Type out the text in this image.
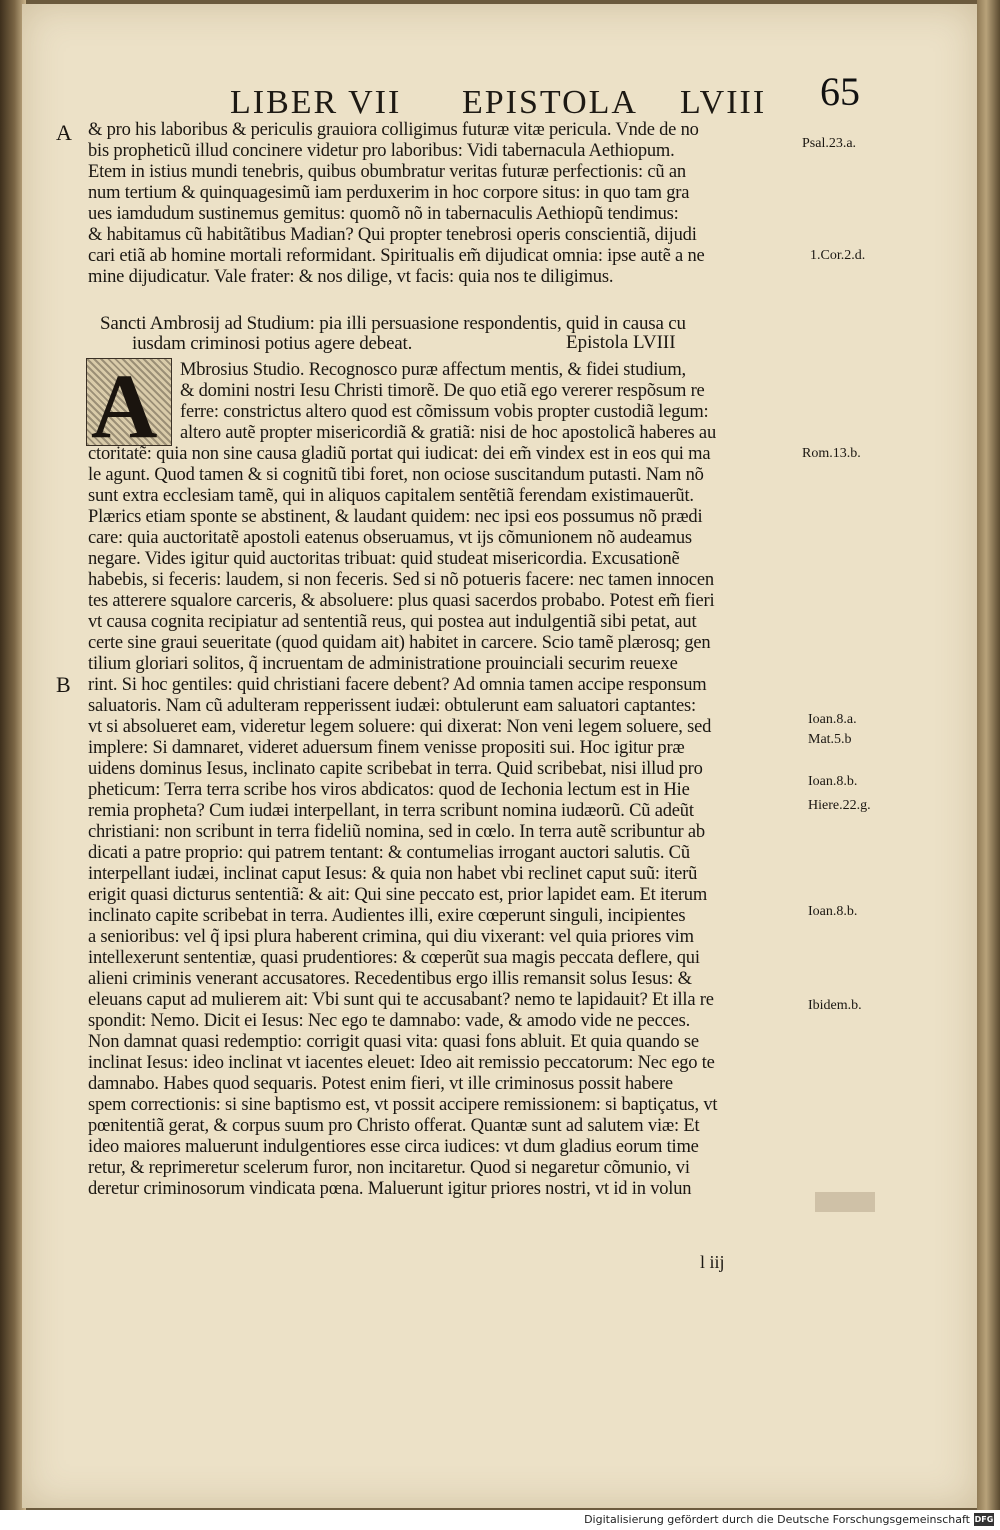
LIBER VII EPISTOLA LVIII 65
A
B
& pro his laboribus & periculis grauiora colligimus futuræ vitæ pericula. Vnde de no
bis propheticũ illud concinere videtur pro laboribus: Vidi tabernacula Aethiopum.
Etem in istius mundi tenebris, quibus obumbratur veritas futuræ perfectionis: cũ an
num tertium & quinquagesimũ iam perduxerim in hoc corpore situs: in quo tam gra
ues iamdudum sustinemus gemitus: quomõ nõ in tabernaculis Aethiopũ tendimus:
& habitamus cũ habitãtibus Madian? Qui propter tenebrosi operis conscientiã, dijudi
cari etiã ab homine mortali reformidant. Spiritualis em̃ dijudicat omnia: ipse autẽ a ne
mine dijudicatur. Vale frater: & nos dilige, vt facis: quia nos te diligimus.
Sancti Ambrosij ad Studium: pia illi persuasione respondentis, quid in causa cu
iusdam criminosi potius agere debeat.	Epistola LVIII
A	Mbrosius Studio. Recognosco puræ affectum mentis, & fidei studium,
& domini nostri Iesu Christi timorẽ. De quo etiã ego vererer respõsum re
ferre: constrictus altero quod est cõmissum vobis propter custodiã legum:
altero autẽ propter misericordiã & gratiã: nisi de hoc apostolicã haberes au
ctoritatẽ: quia non sine causa gladiũ portat qui iudicat: dei em̃ vindex est in eos qui ma
le agunt. Quod tamen & si cognitũ tibi foret, non ociose suscitandum putasti. Nam nõ
sunt extra ecclesiam tamẽ, qui in aliquos capitalem sentẽtiã ferendam existimauerũt.
Plærics etiam sponte se abstinent, & laudant quidem: nec ipsi eos possumus nõ prædi
care: quia auctoritatẽ apostoli eatenus obseruamus, vt ijs cõmunionem nõ audeamus
negare. Vides igitur quid auctoritas tribuat: quid studeat misericordia. Excusationẽ
habebis, si feceris: laudem, si non feceris. Sed si nõ potueris facere: nec tamen innocen
tes atterere squalore carceris, & absoluere: plus quasi sacerdos probabo. Potest em̃ fieri
vt causa cognita recipiatur ad sententiã reus, qui postea aut indulgentiã sibi petat, aut
certe sine graui seueritate (quod quidam ait) habitet in carcere. Scio tamẽ plærosq; gen
tilium gloriari solitos, q̃ incruentam de administratione prouinciali securim reuexe
rint. Si hoc gentiles: quid christiani facere debent? Ad omnia tamen accipe responsum
saluatoris. Nam cũ adulteram repperissent iudæi: obtulerunt eam saluatori captantes:
vt si absolueret eam, videretur legem soluere: qui dixerat: Non veni legem soluere, sed
implere: Si damnaret, videret aduersum finem venisse propositi sui. Hoc igitur præ
uidens dominus Iesus, inclinato capite scribebat in terra. Quid scribebat, nisi illud pro
pheticum: Terra terra scribe hos viros abdicatos: quod de Iechonia lectum est in Hie
remia propheta? Cum iudæi interpellant, in terra scribunt nomina iudæorũ. Cũ adeũt
christiani: non scribunt in terra fideliũ nomina, sed in cœlo. In terra autẽ scribuntur ab
dicati a patre proprio: qui patrem tentant: & contumelias irrogant auctori salutis. Cũ
interpellant iudæi, inclinat caput Iesus: & quia non habet vbi reclinet caput suũ: iterũ
erigit quasi dicturus sententiã: & ait: Qui sine peccato est, prior lapidet eam. Et iterum
inclinato capite scribebat in terra. Audientes illi, exire cœperunt singuli, incipientes
a senioribus: vel q̃ ipsi plura haberent crimina, qui diu vixerant: vel quia priores vim
intellexerunt sententiæ, quasi prudentiores: & cœperũt sua magis peccata deflere, qui
alieni criminis venerant accusatores. Recedentibus ergo illis remansit solus Iesus: &
eleuans caput ad mulierem ait: Vbi sunt qui te accusabant? nemo te lapidauit? Et illa re
spondit: Nemo. Dicit ei Iesus: Nec ego te damnabo: vade, & amodo vide ne pecces.
Non damnat quasi redemptio: corrigit quasi vita: quasi fons abluit. Et quia quando se
inclinat Iesus: ideo inclinat vt iacentes eleuet: Ideo ait remissio peccatorum: Nec ego te
damnabo. Habes quod sequaris. Potest enim fieri, vt ille criminosus possit habere
spem correctionis: si sine baptismo est, vt possit accipere remissionem: si baptiçatus, vt
pœnitentiã gerat, & corpus suum pro Christo offerat. Quantæ sunt ad salutem viæ: Et
ideo maiores maluerunt indulgentiores esse circa iudices: vt dum gladius eorum time
retur, & reprimeretur scelerum furor, non incitaretur. Quod si negaretur cõmunio, vi
deretur criminosorum vindicata pœna. Maluerunt igitur priores nostri, vt id in volun
Psal.23.a.
1.Cor.2.d.
Rom.13.b.
Ioan.8.a.
Mat.5.b
Ioan.8.b.
Hiere.22.g.
Ioan.8.b.
Ibidem.b.
l iij
Digitalisierung gefördert durch die Deutsche Forschungsgemeinschaft DFG
